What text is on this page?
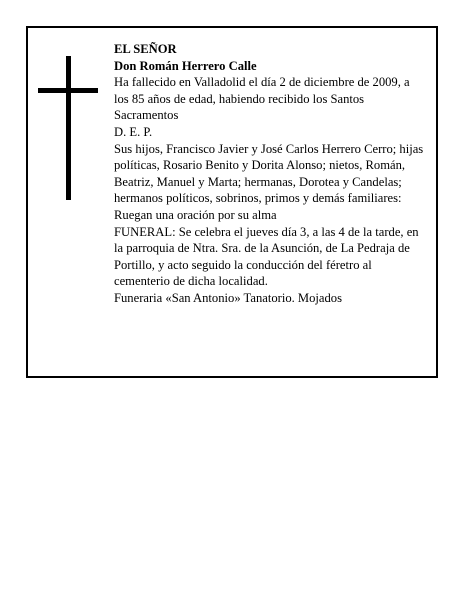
EL SEÑOR

Don Román Herrero Calle

Ha fallecido en Valladolid el día 2 de diciembre de 2009, a los 85 años de edad, habiendo recibido los Santos Sacramentos

D. E. P.

Sus hijos, Francisco Javier y José Carlos Herrero Cerro; hijas políticas, Rosario Benito y Dorita Alonso; nietos, Román, Beatriz, Manuel y Marta; hermanas, Dorotea y Candelas; hermanos políticos, sobrinos, primos y demás familiares:

Ruegan una oración por su alma

FUNERAL: Se celebra el jueves día 3, a las 4 de la tarde, en la parroquia de Ntra. Sra. de la Asunción, de La Pedraja de Portillo, y acto seguido la conducción del féretro al cementerio de dicha localidad.

Funeraria «San Antonio» Tanatorio. Mojados
